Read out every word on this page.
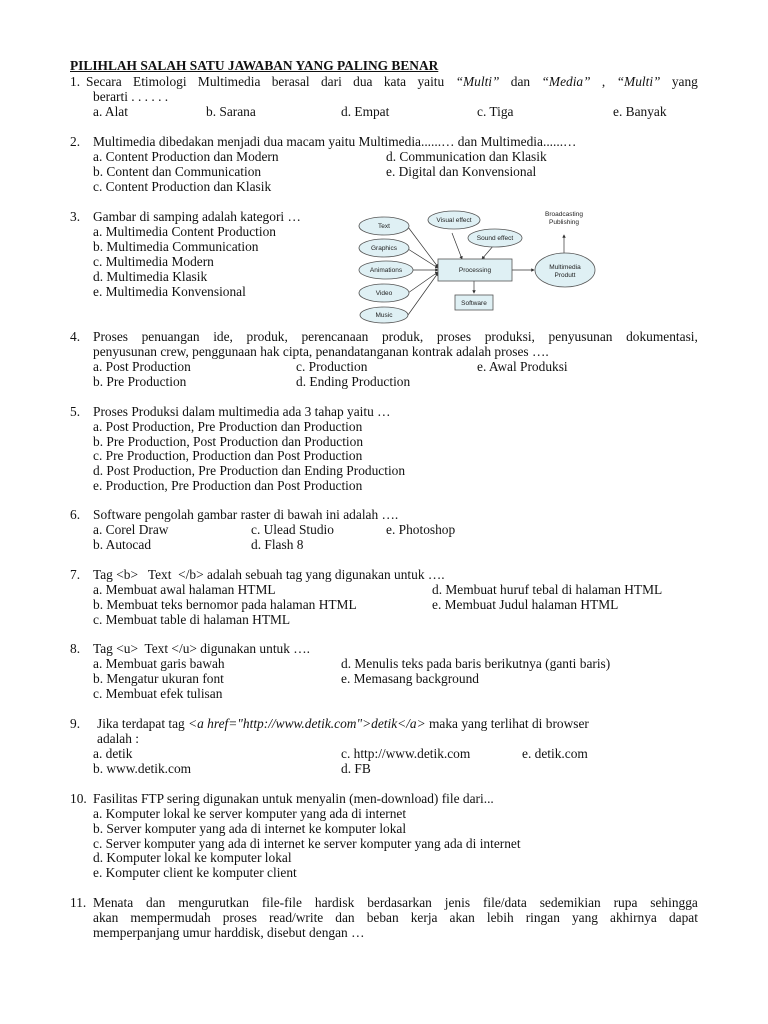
PILIHLAH SALAH SATU JAWABAN YANG PALING BENAR
1. Secara Etimologi Multimedia berasal dari dua kata yaitu “Multi” dan “Media” , “Multi” yang
berarti . . . . . .
a. Alat	b. Sarana	d. Empat	c. Tiga	e. Banyak
2. Multimedia dibedakan menjadi dua macam yaitu Multimedia......… dan Multimedia......…
a. Content Production dan Modern	d. Communication dan Klasik
b. Content dan Communication	e. Digital dan Konvensional
c. Content Production dan Klasik
3. Gambar di samping adalah kategori …
a. Multimedia Content Production
b. Multimedia Communication
c. Multimedia Modern
d. Multimedia Klasik
e. Multimedia Konvensional
Text
Graphics
Animations
Video
Music
Visual effect
Sound effect
Processing
Software
Multimedia
Produtt
Broadcasting
Publishing
4. Proses penuangan ide, produk, perencanaan produk, proses produksi, penyusunan dokumentasi,
penyusunan crew, penggunaan hak cipta, penandatanganan kontrak adalah proses ….
a. Post Production	c. Production	e. Awal Produksi
b. Pre Production	d. Ending Production
5. Proses Produksi dalam multimedia ada 3 tahap yaitu …
a. Post Production, Pre Production dan Production
b. Pre Production, Post Production dan Production
c. Pre Production, Production dan Post Production
d. Post Production, Pre Production dan Ending Production
e. Production, Pre Production dan Post Production
6. Software pengolah gambar raster di bawah ini adalah ….
a. Corel Draw	c. Ulead Studio	e. Photoshop
b. Autocad	d. Flash 8
7. Tag <b>   Text  </b> adalah sebuah tag yang digunakan untuk ….
a. Membuat awal halaman HTML	d. Membuat huruf tebal di halaman HTML
b. Membuat teks bernomor pada halaman HTML	e. Membuat Judul halaman HTML
c. Membuat table di halaman HTML
8. Tag <u>  Text </u> digunakan untuk ….
a. Membuat garis bawah	d. Menulis teks pada baris berikutnya (ganti baris)
b. Mengatur ukuran font	e. Memasang background
c. Membuat efek tulisan
9. Jika terdapat tag <a href="http://www.detik.com">detik</a> maka yang terlihat di browser
adalah :
a. detik	c. http://www.detik.com	e. detik.com
b. www.detik.com	d. FB
10. Fasilitas FTP sering digunakan untuk menyalin (men-download) file dari...
a. Komputer lokal ke server komputer yang ada di internet
b. Server komputer yang ada di internet ke komputer lokal
c. Server komputer yang ada di internet ke server komputer yang ada di internet
d. Komputer lokal ke komputer lokal
e. Komputer client ke komputer client
11. Menata dan mengurutkan file-file hardisk berdasarkan jenis file/data sedemikian rupa sehingga
akan mempermudah proses read/write dan beban kerja akan lebih ringan yang akhirnya dapat
memperpanjang umur harddisk, disebut dengan …
